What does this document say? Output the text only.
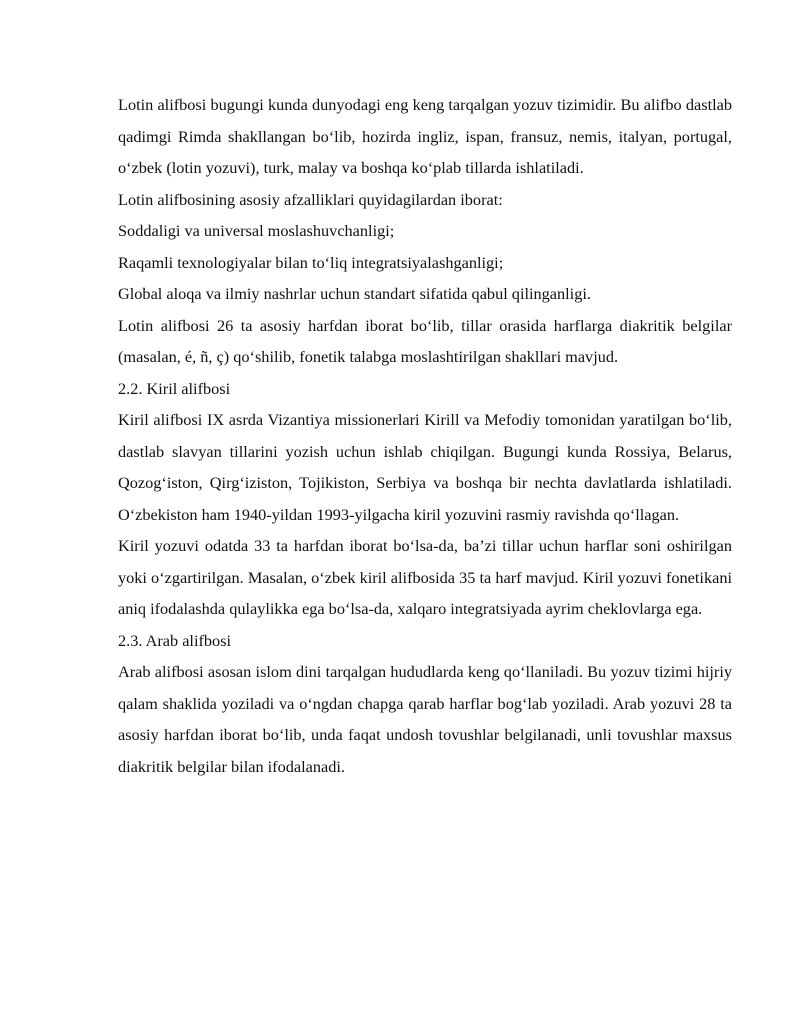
Lotin alifbosi bugungi kunda dunyodagi eng keng tarqalgan yozuv tizimidir. Bu alifbo dastlab qadimgi Rimda shakllangan bo‘lib, hozirda ingliz, ispan, fransuz, nemis, italyan, portugal, o‘zbek (lotin yozuvi), turk, malay va boshqa ko‘plab tillarda ishlatiladi.

Lotin alifbosining asosiy afzalliklari quyidagilardan iborat:

Soddaligi va universal moslashuvchanligi;

Raqamli texnologiyalar bilan to‘liq integratsiyalashganligi;

Global aloqa va ilmiy nashrlar uchun standart sifatida qabul qilinganligi.

Lotin alifbosi 26 ta asosiy harfdan iborat bo‘lib, tillar orasida harflarga diakritik belgilar (masalan, é, ñ, ç) qo‘shilib, fonetik talabga moslashtirilgan shakllari mavjud.

2.2. Kiril alifbosi

Kiril alifbosi IX asrda Vizantiya missionerlari Kirill va Mefodiy tomonidan yaratilgan bo‘lib, dastlab slavyan tillarini yozish uchun ishlab chiqilgan. Bugungi kunda Rossiya, Belarus, Qozog‘iston, Qirg‘iziston, Tojikiston, Serbiya va boshqa bir nechta davlatlarda ishlatiladi. O‘zbekiston ham 1940-yildan 1993-yilgacha kiril yozuvini rasmiy ravishda qo‘llagan.

Kiril yozuvi odatda 33 ta harfdan iborat bo‘lsa-da, ba’zi tillar uchun harflar soni oshirilgan yoki o‘zgartirilgan. Masalan, o‘zbek kiril alifbosida 35 ta harf mavjud. Kiril yozuvi fonetikani aniq ifodalashda qulaylikka ega bo‘lsa-da, xalqaro integratsiyada ayrim cheklovlarga ega.

2.3. Arab alifbosi

Arab alifbosi asosan islom dini tarqalgan hududlarda keng qo‘llaniladi. Bu yozuv tizimi hijriy qalam shaklida yoziladi va o‘ngdan chapga qarab harflar bog‘lab yoziladi. Arab yozuvi 28 ta asosiy harfdan iborat bo‘lib, unda faqat undosh tovushlar belgilanadi, unli tovushlar maxsus diakritik belgilar bilan ifodalanadi.
